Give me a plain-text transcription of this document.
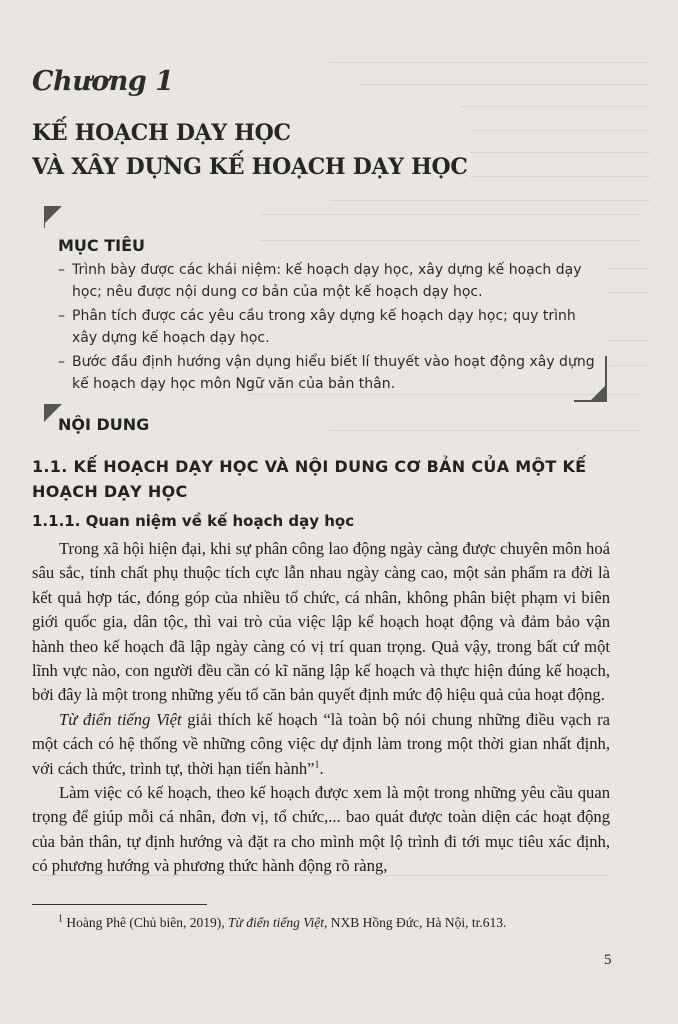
Chương 1
KẾ HOẠCH DẠY HỌC
VÀ XÂY DỰNG KẾ HOẠCH DẠY HỌC
MỤC TIÊU
– Trình bày được các khái niệm: kế hoạch dạy học, xây dựng kế hoạch dạy học; nêu được nội dung cơ bản của một kế hoạch dạy học.
– Phân tích được các yêu cầu trong xây dựng kế hoạch dạy học; quy trình xây dựng kế hoạch dạy học.
– Bước đầu định hướng vận dụng hiểu biết lí thuyết vào hoạt động xây dựng kế hoạch dạy học môn Ngữ văn của bản thân.
NỘI DUNG
1.1. KẾ HOẠCH DẠY HỌC VÀ NỘI DUNG CƠ BẢN CỦA MỘT KẾ HOẠCH DẠY HỌC
1.1.1. Quan niệm về kế hoạch dạy học

Trong xã hội hiện đại, khi sự phân công lao động ngày càng được chuyên môn hoá sâu sắc, tính chất phụ thuộc tích cực lẫn nhau ngày càng cao, một sản phẩm ra đời là kết quả hợp tác, đóng góp của nhiều tổ chức, cá nhân, không phân biệt phạm vi biên giới quốc gia, dân tộc, thì vai trò của việc lập kế hoạch hoạt động và đảm bảo vận hành theo kế hoạch đã lập ngày càng có vị trí quan trọng. Quả vậy, trong bất cứ một lĩnh vực nào, con người đều cần có kĩ năng lập kế hoạch và thực hiện đúng kế hoạch, bởi đây là một trong những yếu tố căn bản quyết định mức độ hiệu quả của hoạt động.

Từ điển tiếng Việt giải thích kế hoạch “là toàn bộ nói chung những điều vạch ra một cách có hệ thống về những công việc dự định làm trong một thời gian nhất định, với cách thức, trình tự, thời hạn tiến hành”$^1$.

Làm việc có kế hoạch, theo kế hoạch được xem là một trong những yêu cầu quan trọng để giúp mỗi cá nhân, đơn vị, tổ chức,... bao quát được toàn diện các hoạt động của bản thân, tự định hướng và đặt ra cho mình một lộ trình đi tới mục tiêu xác định, có phương hướng và phương thức hành động rõ ràng,

$^1$ Hoàng Phê (Chủ biên, 2019), Từ điển tiếng Việt, NXB Hồng Đức, Hà Nội, tr.613.
5
